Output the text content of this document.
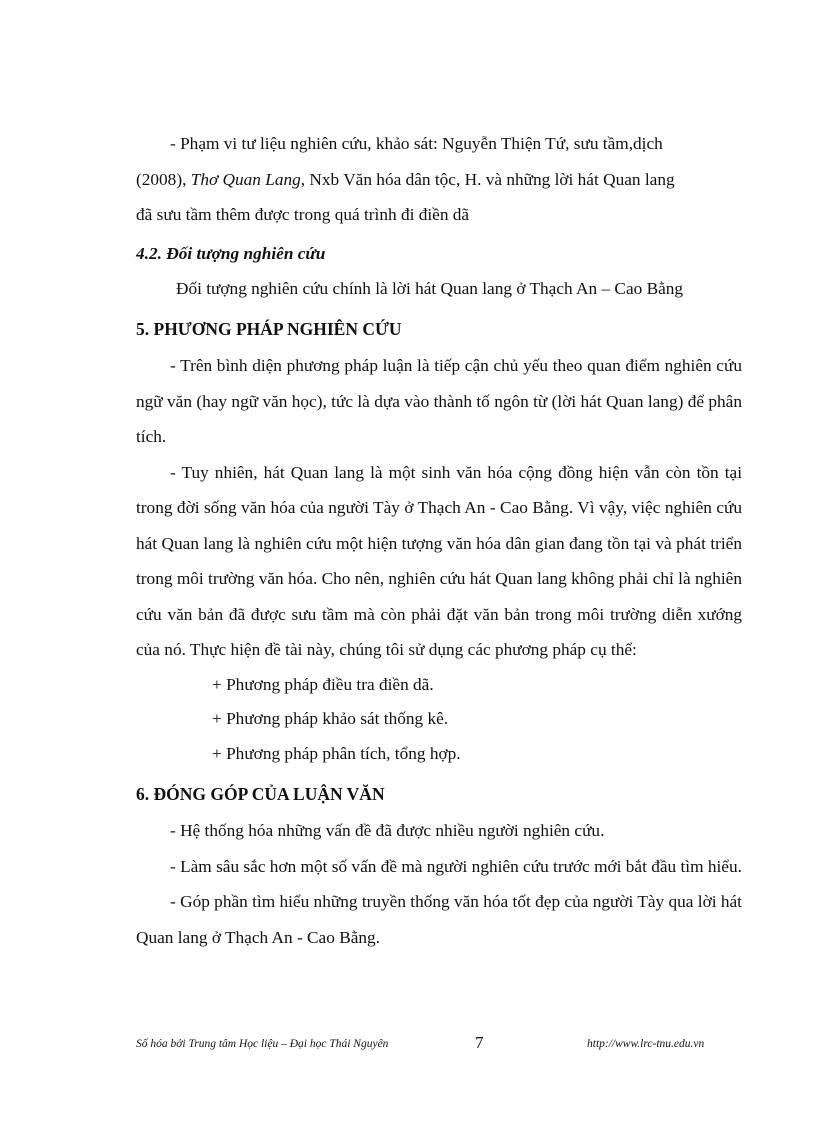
- Phạm vi tư liệu nghiên cứu, khảo sát: Nguyễn Thiện Tứ, sưu tầm,dịch

(2008), Thơ Quan Lang, Nxb Văn hóa dân tộc, H. và những lời hát Quan lang

đã sưu tầm thêm được trong quá trình đi điền dã

4.2. Đối tượng nghiên cứu

Đối tượng nghiên cứu chính là lời hát Quan lang ở Thạch An – Cao Bằng

5. PHƯƠNG PHÁP NGHIÊN CỨU

- Trên bình diện phương pháp luận là tiếp cận chủ yếu theo quan điểm nghiên cứu ngữ văn (hay ngữ văn học), tức là dựa vào thành tố ngôn từ (lời hát Quan lang) để phân tích.

- Tuy nhiên, hát Quan lang là một sinh văn hóa cộng đồng hiện vẫn còn tồn tại trong đời sống văn hóa của người Tày ở Thạch An - Cao Bằng. Vì vậy, việc nghiên cứu hát Quan lang là nghiên cứu một hiện tượng văn hóa dân gian đang tồn tại và phát triển trong môi trường văn hóa. Cho nên, nghiên cứu hát Quan lang không phải chỉ là nghiên cứu văn bản đã được sưu tầm mà còn phải đặt văn bản trong môi trường diễn xướng của nó. Thực hiện đề tài này, chúng tôi sử dụng các phương pháp cụ thể:

+ Phương pháp điều tra điền dã.

+ Phương pháp khảo sát thống kê.

+ Phương pháp phân tích, tổng hợp.

6. ĐÓNG GÓP CỦA LUẬN VĂN

- Hệ thống hóa những vấn đề đã được nhiều người nghiên cứu.

- Làm sâu sắc hơn một số vấn đề mà người nghiên cứu trước mới bắt đầu tìm hiểu.

- Góp phần tìm hiểu những truyền thống văn hóa tốt đẹp của người Tày qua lời hát Quan lang ở Thạch An - Cao Bằng.

Số hóa bởi Trung tâm Học liệu – Đại học Thái Nguyên	7	http://www.lrc-tnu.edu.vn
